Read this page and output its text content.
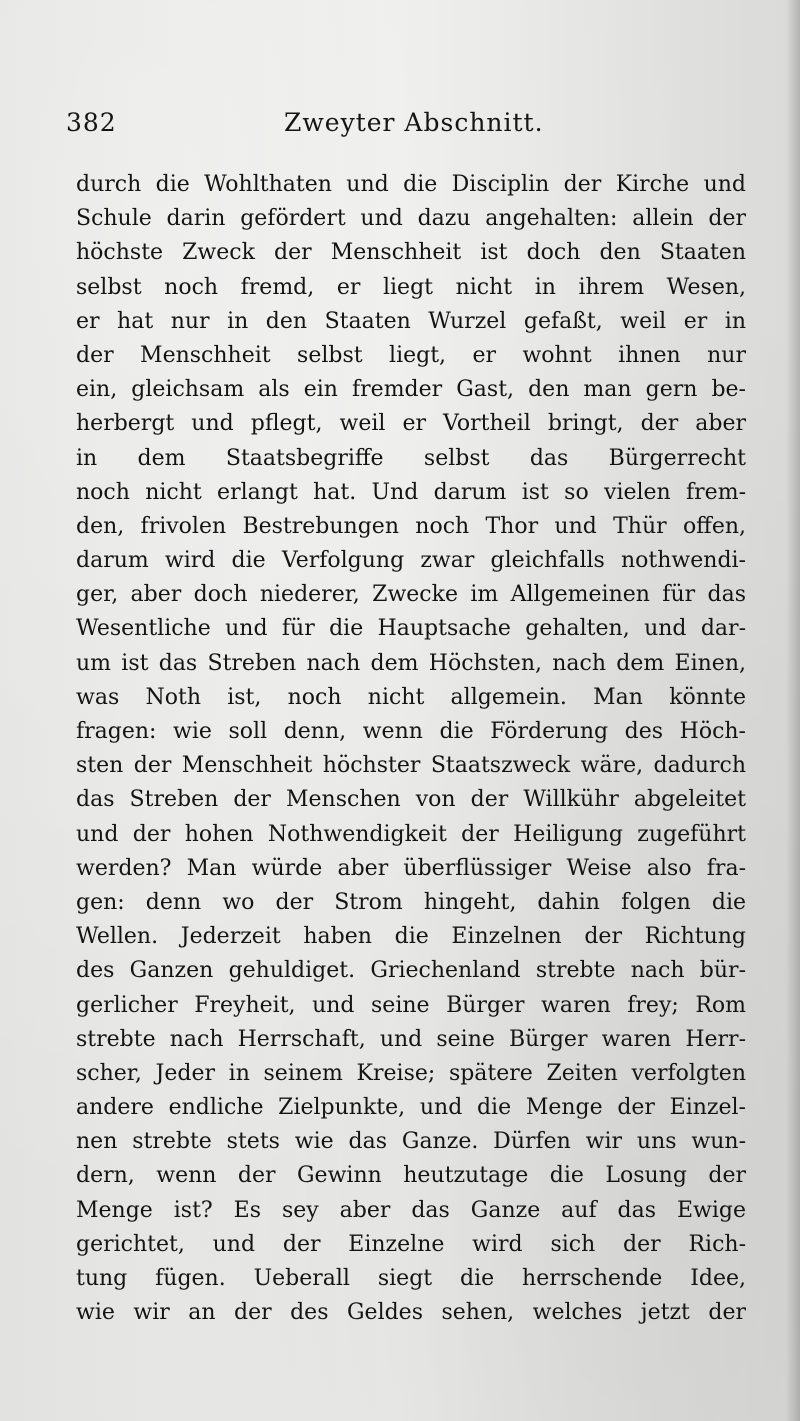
382	Zweyter Abschnitt.
durch die Wohlthaten und die Disciplin der Kirche und
Schule darin gefördert und dazu angehalten: allein der
höchste Zweck der Menschheit ist doch den Staaten
selbst noch fremd, er liegt nicht in ihrem Wesen,
er hat nur in den Staaten Wurzel gefaßt, weil er in
der Menschheit selbst liegt, er wohnt ihnen nur
ein, gleichsam als ein fremder Gast, den man gern be-
herbergt und pflegt, weil er Vortheil bringt, der aber
in dem Staatsbegriffe selbst das Bürgerrecht
noch nicht erlangt hat. Und darum ist so vielen frem-
den, frivolen Bestrebungen noch Thor und Thür offen,
darum wird die Verfolgung zwar gleichfalls nothwendi-
ger, aber doch niederer, Zwecke im Allgemeinen für das
Wesentliche und für die Hauptsache gehalten, und dar-
um ist das Streben nach dem Höchsten, nach dem Einen,
was Noth ist, noch nicht allgemein. Man könnte
fragen: wie soll denn, wenn die Förderung des Höch-
sten der Menschheit höchster Staatszweck wäre, dadurch
das Streben der Menschen von der Willkühr abgeleitet
und der hohen Nothwendigkeit der Heiligung zugeführt
werden? Man würde aber überflüssiger Weise also fra-
gen: denn wo der Strom hingeht, dahin folgen die
Wellen. Jederzeit haben die Einzelnen der Richtung
des Ganzen gehuldiget. Griechenland strebte nach bür-
gerlicher Freyheit, und seine Bürger waren frey; Rom
strebte nach Herrschaft, und seine Bürger waren Herr-
scher, Jeder in seinem Kreise; spätere Zeiten verfolgten
andere endliche Zielpunkte, und die Menge der Einzel-
nen strebte stets wie das Ganze. Dürfen wir uns wun-
dern, wenn der Gewinn heutzutage die Losung der
Menge ist? Es sey aber das Ganze auf das Ewige
gerichtet, und der Einzelne wird sich der Rich-
tung fügen. Ueberall siegt die herrschende Idee,
wie wir an der des Geldes sehen, welches jetzt der
